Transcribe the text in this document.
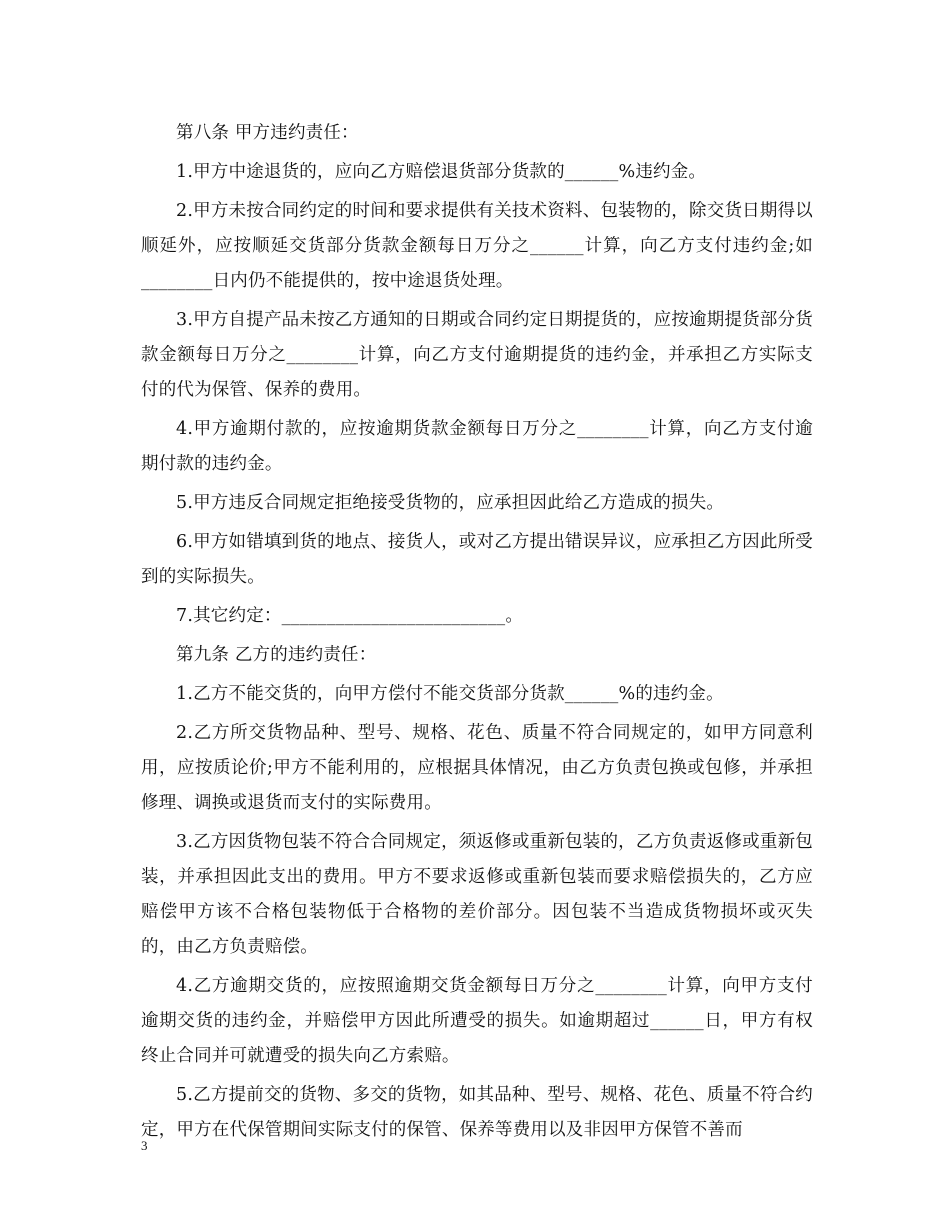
第八条 甲方违约责任：

1.甲方中途退货的，应向乙方赔偿退货部分货款的______%违约金。

2.甲方未按合同约定的时间和要求提供有关技术资料、包装物的，除交货日期得以顺延外，应按顺延交货部分货款金额每日万分之______计算，向乙方支付违约金;如________日内仍不能提供的，按中途退货处理。

3.甲方自提产品未按乙方通知的日期或合同约定日期提货的，应按逾期提货部分货款金额每日万分之________计算，向乙方支付逾期提货的违约金，并承担乙方实际支付的代为保管、保养的费用。

4.甲方逾期付款的，应按逾期货款金额每日万分之________计算，向乙方支付逾期付款的违约金。

5.甲方违反合同规定拒绝接受货物的，应承担因此给乙方造成的损失。

6.甲方如错填到货的地点、接货人，或对乙方提出错误异议，应承担乙方因此所受到的实际损失。

7.其它约定：_________________________。

第九条 乙方的违约责任：

1.乙方不能交货的，向甲方偿付不能交货部分货款______%的违约金。

2.乙方所交货物品种、型号、规格、花色、质量不符合同规定的，如甲方同意利用，应按质论价;甲方不能利用的，应根据具体情况，由乙方负责包换或包修，并承担修理、调换或退货而支付的实际费用。

3.乙方因货物包装不符合合同规定，须返修或重新包装的，乙方负责返修或重新包装，并承担因此支出的费用。甲方不要求返修或重新包装而要求赔偿损失的，乙方应赔偿甲方该不合格包装物低于合格物的差价部分。因包装不当造成货物损坏或灭失的，由乙方负责赔偿。

4.乙方逾期交货的，应按照逾期交货金额每日万分之________计算，向甲方支付逾期交货的违约金，并赔偿甲方因此所遭受的损失。如逾期超过______日，甲方有权终止合同并可就遭受的损失向乙方索赔。

5.乙方提前交的货物、多交的货物，如其品种、型号、规格、花色、质量不符合约定，甲方在代保管期间实际支付的保管、保养等费用以及非因甲方保管不善而

3
